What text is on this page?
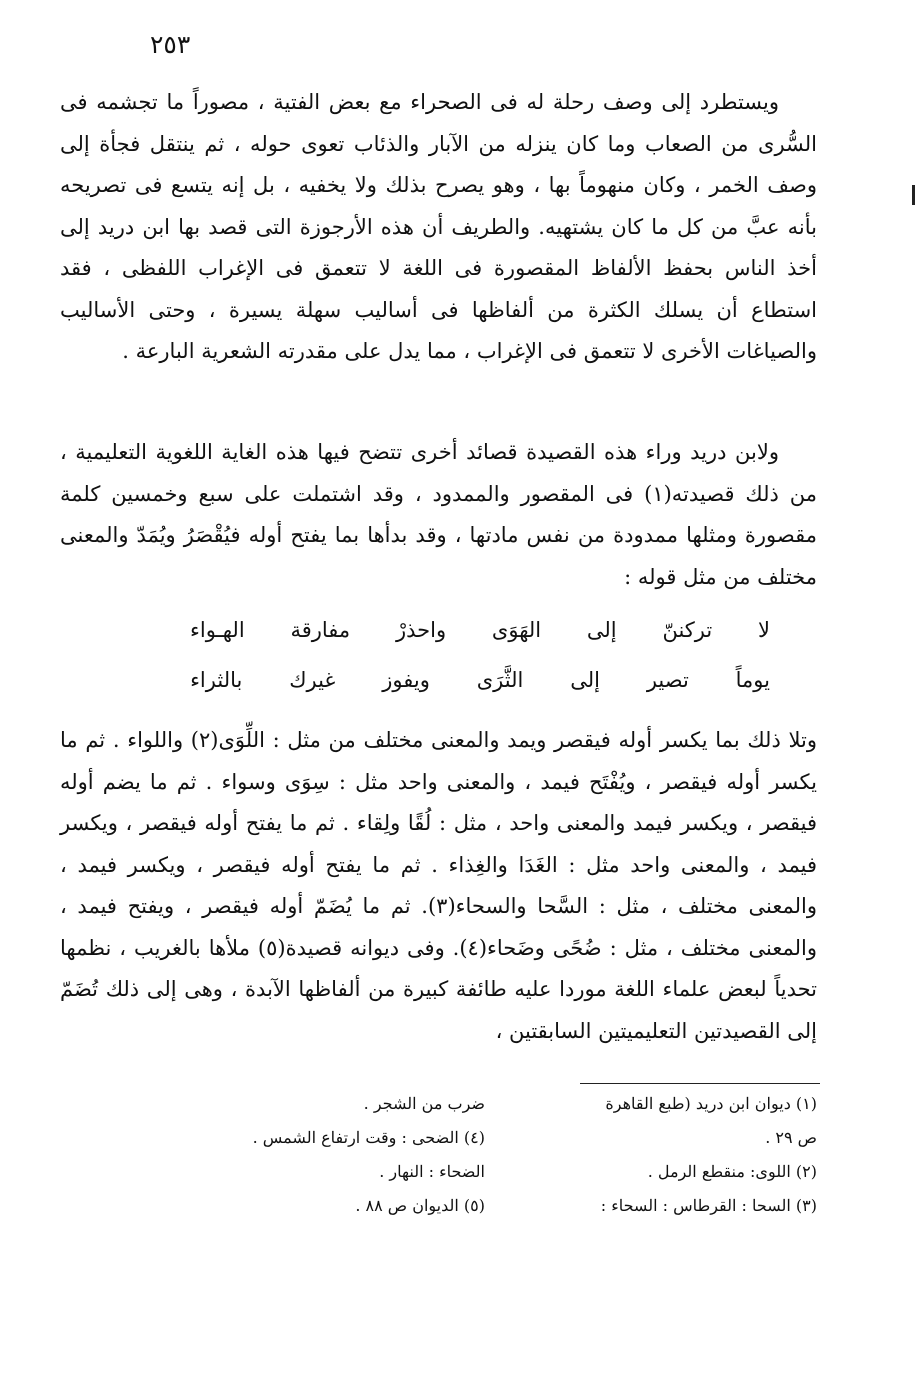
٢٥٣

ويستطرد إلى وصف رحلة له فى الصحراء مع بعض الفتية ، مصوراً ما تجشمه فى السُّرى من الصعاب وما كان ينزله من الآبار والذئاب تعوى حوله ، ثم ينتقل فجأة إلى وصف الخمر ، وكان منهوماً بها ، وهو يصرح بذلك ولا يخفيه ، بل إنه يتسع فى تصريحه بأنه عبَّ من كل ما كان يشتهيه. والطريف أن هذه الأرجوزة التى قصد بها ابن دريد إلى أخذ الناس بحفظ الألفاظ المقصورة فى اللغة لا تتعمق فى الإغراب اللفظى ، فقد استطاع أن يسلك الكثرة من ألفاظها فى أساليب سهلة يسيرة ، وحتى الأساليب والصياغات الأخرى لا تتعمق فى الإغراب ، مما يدل على مقدرته الشعرية البارعة .

ولابن دريد وراء هذه القصيدة قصائد أخرى تتضح فيها هذه الغاية اللغوية التعليمية ، من ذلك قصيدته(١) فى المقصور والممدود ، وقد اشتملت على سبع وخمسين كلمة مقصورة ومثلها ممدودة من نفس مادتها ، وقد بدأها بما يفتح أوله فيُقْصَرُ ويُمَدّ والمعنى مختلف من مثل قوله :

لا
تركننّ
إلى
الهَوَى
واحذرْ
مفارقة
الهـواء
يوماً
تصير
إلى
الثَّرَى
ويفوز
غيرك
بالثراء

وتلا ذلك بما يكسر أوله فيقصر ويمد والمعنى مختلف من مثل : اللِّوَى(٢) واللواء . ثم ما يكسر أوله فيقصر ، ويُفْتَح فيمد ، والمعنى واحد مثل : سِوَى وسواء . ثم ما يضم أوله فيقصر ، ويكسر فيمد والمعنى واحد ، مثل : لُقًا ولِقاء . ثم ما يفتح أوله فيقصر ، ويكسر فيمد ، والمعنى واحد مثل : الغَدَا والغِذاء . ثم ما يفتح أوله فيقصر ، ويكسر فيمد ، والمعنى مختلف ، مثل : السَّحا والسحاء(٣). ثم ما يُضَمّ أوله فيقصر ، ويفتح فيمد ، والمعنى مختلف ، مثل : ضُحًى وضَحاء(٤). وفى ديوانه قصيدة(٥) ملأها بالغريب ، نظمها تحدياً لبعض علماء اللغة موردا عليه طائفة كبيرة من ألفاظها الآبدة ، وهى إلى ذلك تُضَمّ إلى القصيدتين التعليميتين السابقتين ،

(١) ديوان ابن دريد (طبع القاهرة
ضرب من الشجر .
ص ٢٩ .
(٤) الضحى : وقت ارتفاع الشمس .
(٢) اللوى: منقطع الرمل .
الضحاء : النهار .
(٣) السحا : القرطاس : السحاء :
(٥) الديوان ص ٨٨ .
